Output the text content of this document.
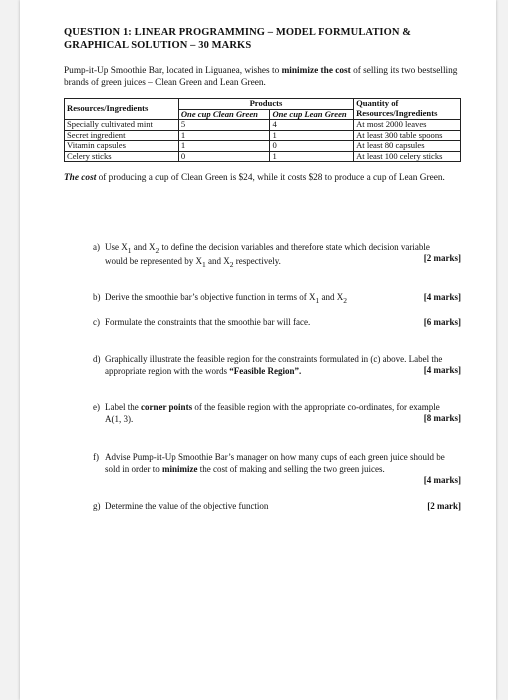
QUESTION 1: LINEAR PROGRAMMING – MODEL FORMULATION &
GRAPHICAL SOLUTION – 30 MARKS
Pump-it-Up Smoothie Bar, located in Liguanea, wishes to minimize the cost of selling its two bestselling brands of green juices – Clean Green and Lean Green.
Resources/Ingredients	Products		Quantity of Resources/Ingredients
	One cup Clean Green	One cup Lean Green	
Specially cultivated mint	5	4	At most 2000 leaves
Secret ingredient	1	1	At least 300 table spoons
Vitamin capsules	1	0	At least 80 capsules
Celery sticks	0	1	At least 100 celery sticks
The cost of producing a cup of Clean Green is $24, while it costs $28 to produce a cup of Lean Green.
a) Use $X_1$ and $X_2$ to define the decision variables and therefore state which decision variable would be represented by $X_1$ and $X_2$ respectively.	[2 marks]
b) Derive the smoothie bar’s objective function in terms of $X_1$ and $X_2$	[4 marks]
c) Formulate the constraints that the smoothie bar will face.	[6 marks]
d) Graphically illustrate the feasible region for the constraints formulated in (c) above. Label the appropriate region with the words “Feasible Region”.	[4 marks]
e) Label the corner points of the feasible region with the appropriate co-ordinates, for example A(1, 3).	[8 marks]
f) Advise Pump-it-Up Smoothie Bar’s manager on how many cups of each green juice should be sold in order to minimize the cost of making and selling the two green juices.
[4 marks]
g) Determine the value of the objective function	[2 mark]
